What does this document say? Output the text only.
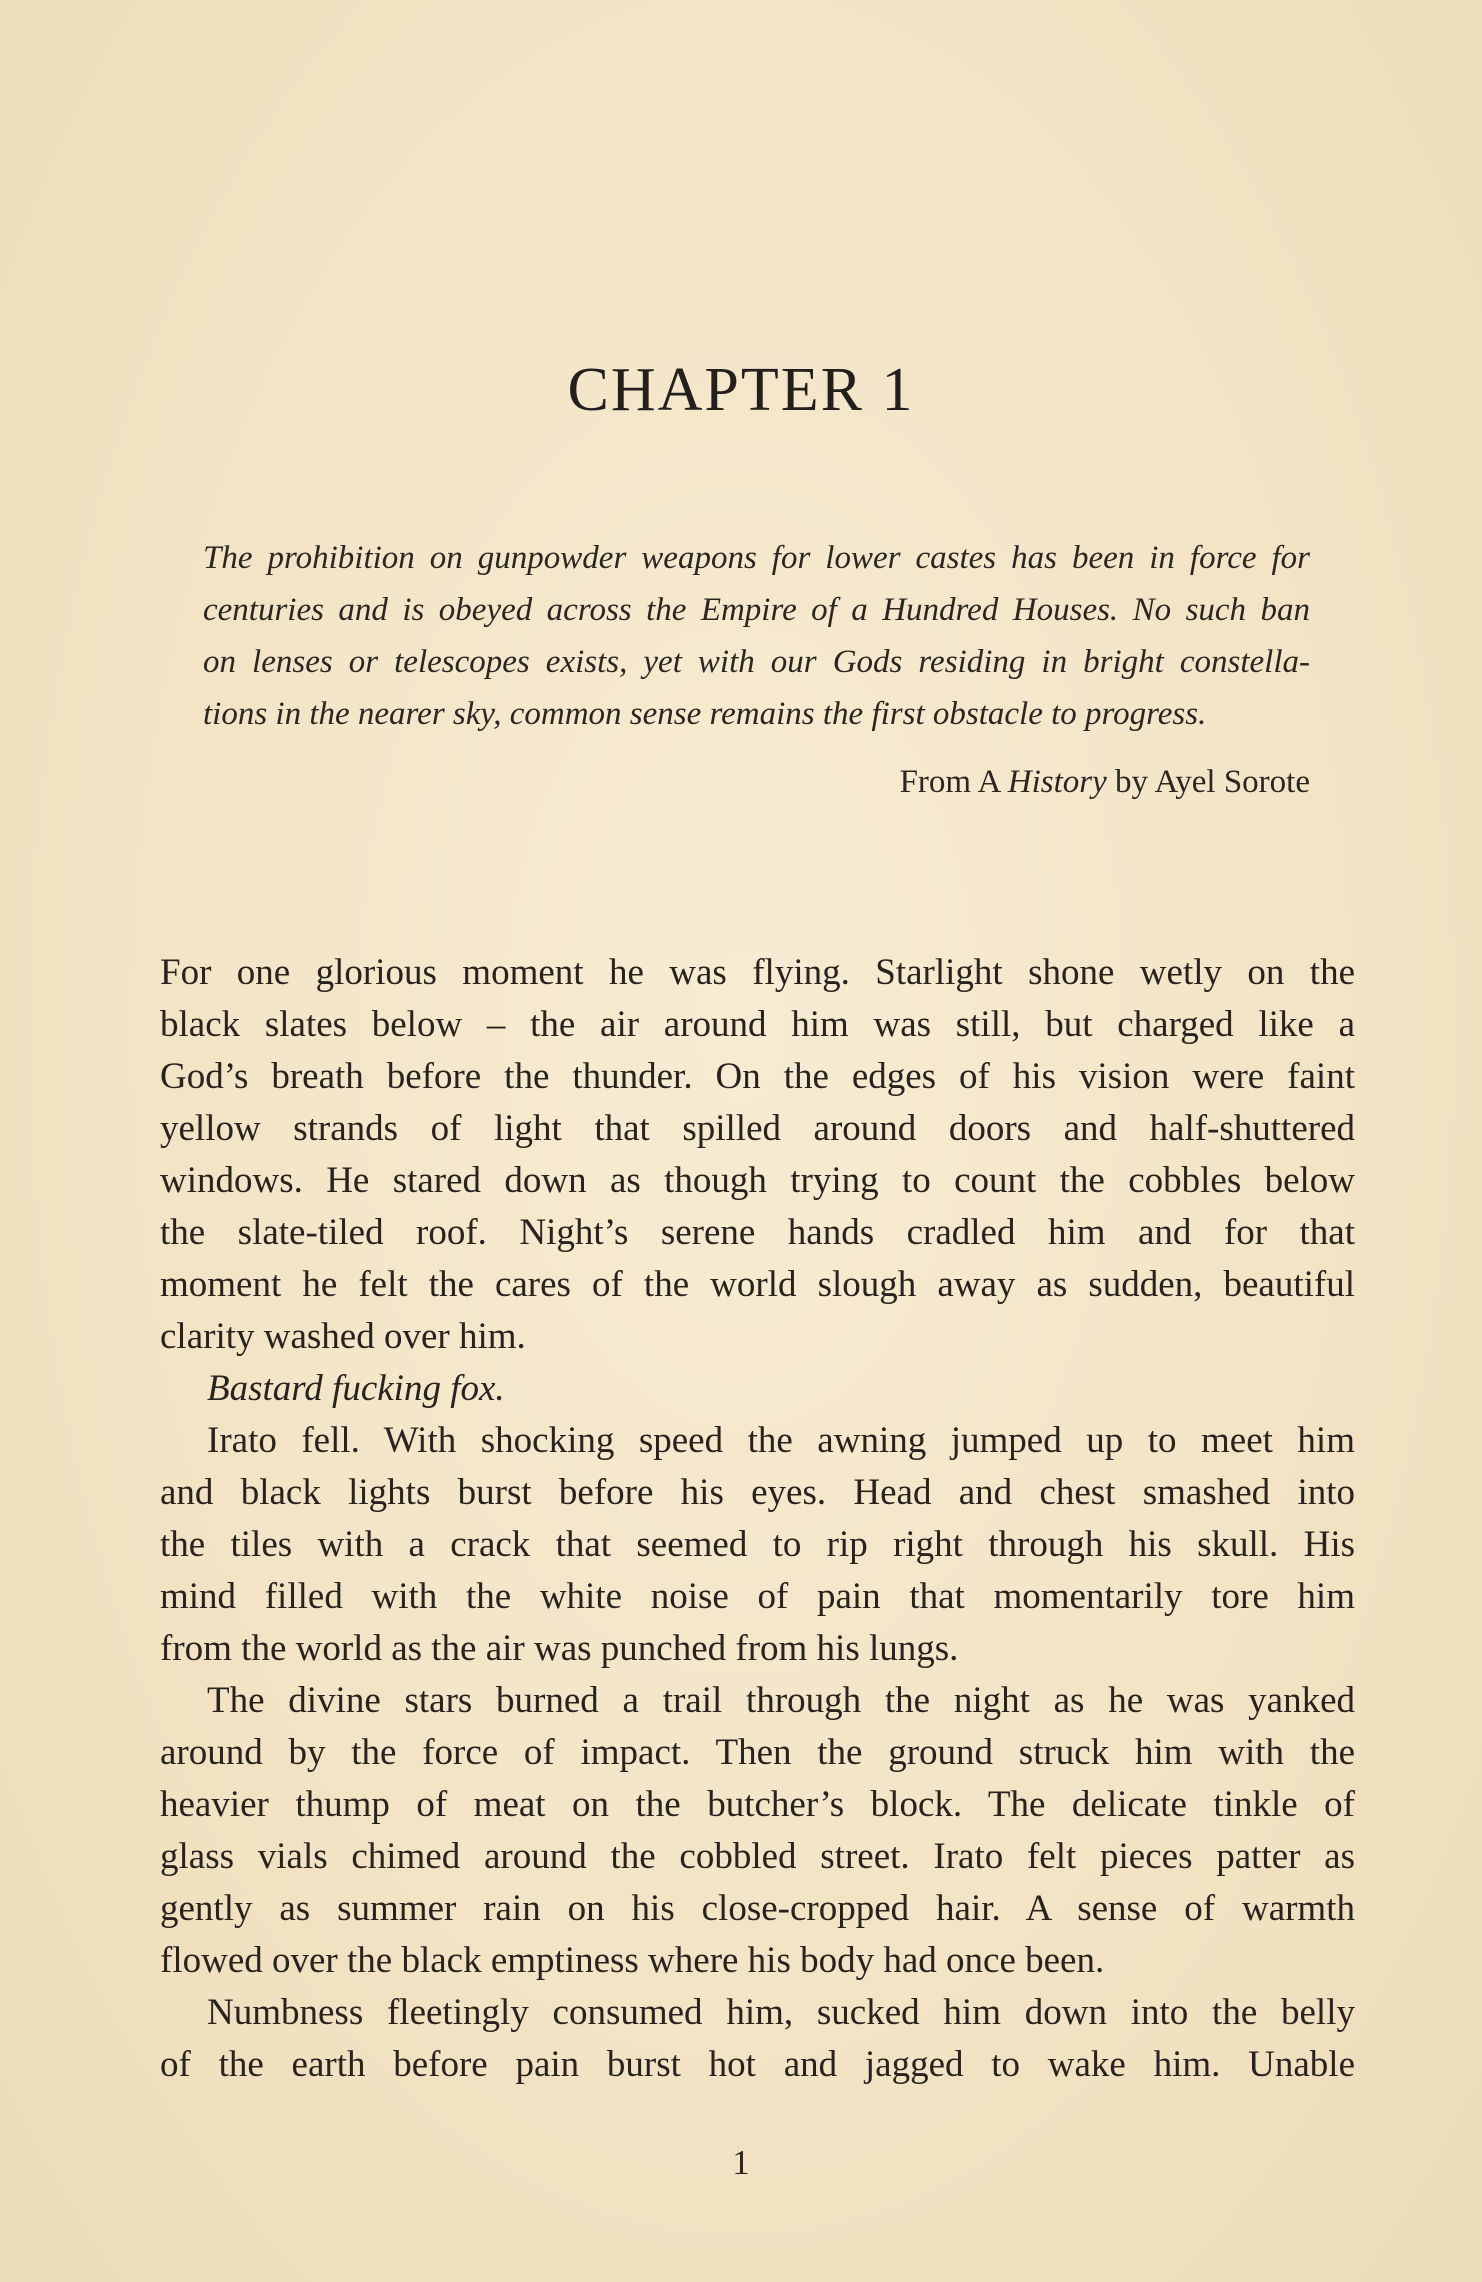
CHAPTER 1
The prohibition on gunpowder weapons for lower castes has been in force for
centuries and is obeyed across the Empire of a Hundred Houses. No such ban
on lenses or telescopes exists, yet with our Gods residing in bright constella-
tions in the nearer sky, common sense remains the first obstacle to progress.
From A History by Ayel Sorote
For one glorious moment he was flying. Starlight shone wetly on the
black slates below – the air around him was still, but charged like a
God’s breath before the thunder. On the edges of his vision were faint
yellow strands of light that spilled around doors and half-shuttered
windows. He stared down as though trying to count the cobbles below
the slate-tiled roof. Night’s serene hands cradled him and for that
moment he felt the cares of the world slough away as sudden, beautiful
clarity washed over him.
Bastard fucking fox.
Irato fell. With shocking speed the awning jumped up to meet him
and black lights burst before his eyes. Head and chest smashed into
the tiles with a crack that seemed to rip right through his skull. His
mind filled with the white noise of pain that momentarily tore him
from the world as the air was punched from his lungs.
The divine stars burned a trail through the night as he was yanked
around by the force of impact. Then the ground struck him with the
heavier thump of meat on the butcher’s block. The delicate tinkle of
glass vials chimed around the cobbled street. Irato felt pieces patter as
gently as summer rain on his close-cropped hair. A sense of warmth
flowed over the black emptiness where his body had once been.
Numbness fleetingly consumed him, sucked him down into the belly
of the earth before pain burst hot and jagged to wake him. Unable
1
